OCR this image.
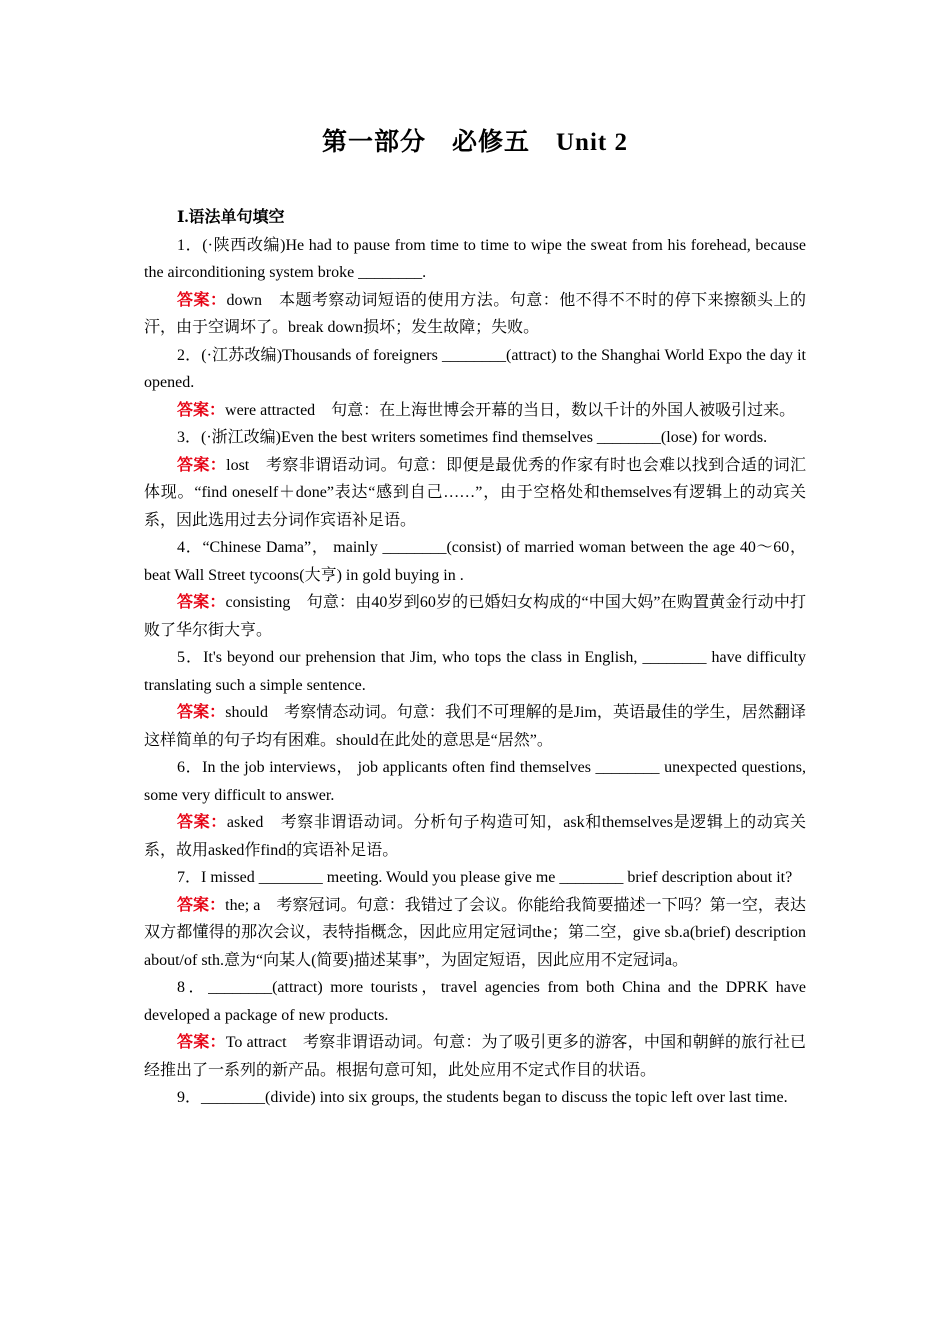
第一部分　必修五　Unit 2
Ⅰ.语法单句填空

1．(·陕西改编)He had to pause from time to time to wipe the sweat from his forehead, because the airconditioning system broke ________.

答案：down　本题考察动词短语的使用方法。句意：他不得不不时的停下来擦额头上的汗，由于空调坏了。break down损坏；发生故障；失败。

2．(·江苏改编)Thousands of foreigners ________(attract) to the Shanghai World Expo the day it opened.

答案：were attracted　句意：在上海世博会开幕的当日，数以千计的外国人被吸引过来。

3．(·浙江改编)Even the best writers sometimes find themselves ________(lose) for words.

答案：lost　考察非谓语动词。句意：即便是最优秀的作家有时也会难以找到合适的词汇体现。“find oneself＋done”表达“感到自己……”，由于空格处和themselves有逻辑上的动宾关系，因此选用过去分词作宾语补足语。

4．“Chinese Dama”， mainly ________(consist) of married woman between the age 40～60，beat Wall Street tycoons(大亨) in gold buying in .

答案：consisting　句意：由40岁到60岁的已婚妇女构成的“中国大妈”在购置黄金行动中打败了华尔街大亨。

5．It's beyond our prehension that Jim, who tops the class in English, ________ have difficulty translating such a simple sentence.

答案：should　考察情态动词。句意：我们不可理解的是Jim，英语最佳的学生，居然翻译这样简单的句子均有困难。should在此处的意思是“居然”。

6．In the job interviews， job applicants often find themselves ________ unexpected questions, some very difficult to answer.

答案：asked　考察非谓语动词。分析句子构造可知，ask和themselves是逻辑上的动宾关系，故用asked作find的宾语补足语。

7．I missed ________ meeting. Would you please give me ________ brief description about it?

答案：the; a　考察冠词。句意：我错过了会议。你能给我简要描述一下吗？第一空，表达双方都懂得的那次会议，表特指概念，因此应用定冠词the；第二空，give sb.a(brief) description about/of sth.意为“向某人(简要)描述某事”，为固定短语，因此应用不定冠词a。

8．________(attract) more tourists，travel agencies from both China and the DPRK have developed a package of new products.

答案：To attract　考察非谓语动词。句意：为了吸引更多的游客，中国和朝鲜的旅行社已经推出了一系列的新产品。根据句意可知，此处应用不定式作目的状语。

9．________(divide) into six groups, the students began to discuss the topic left over last time.
